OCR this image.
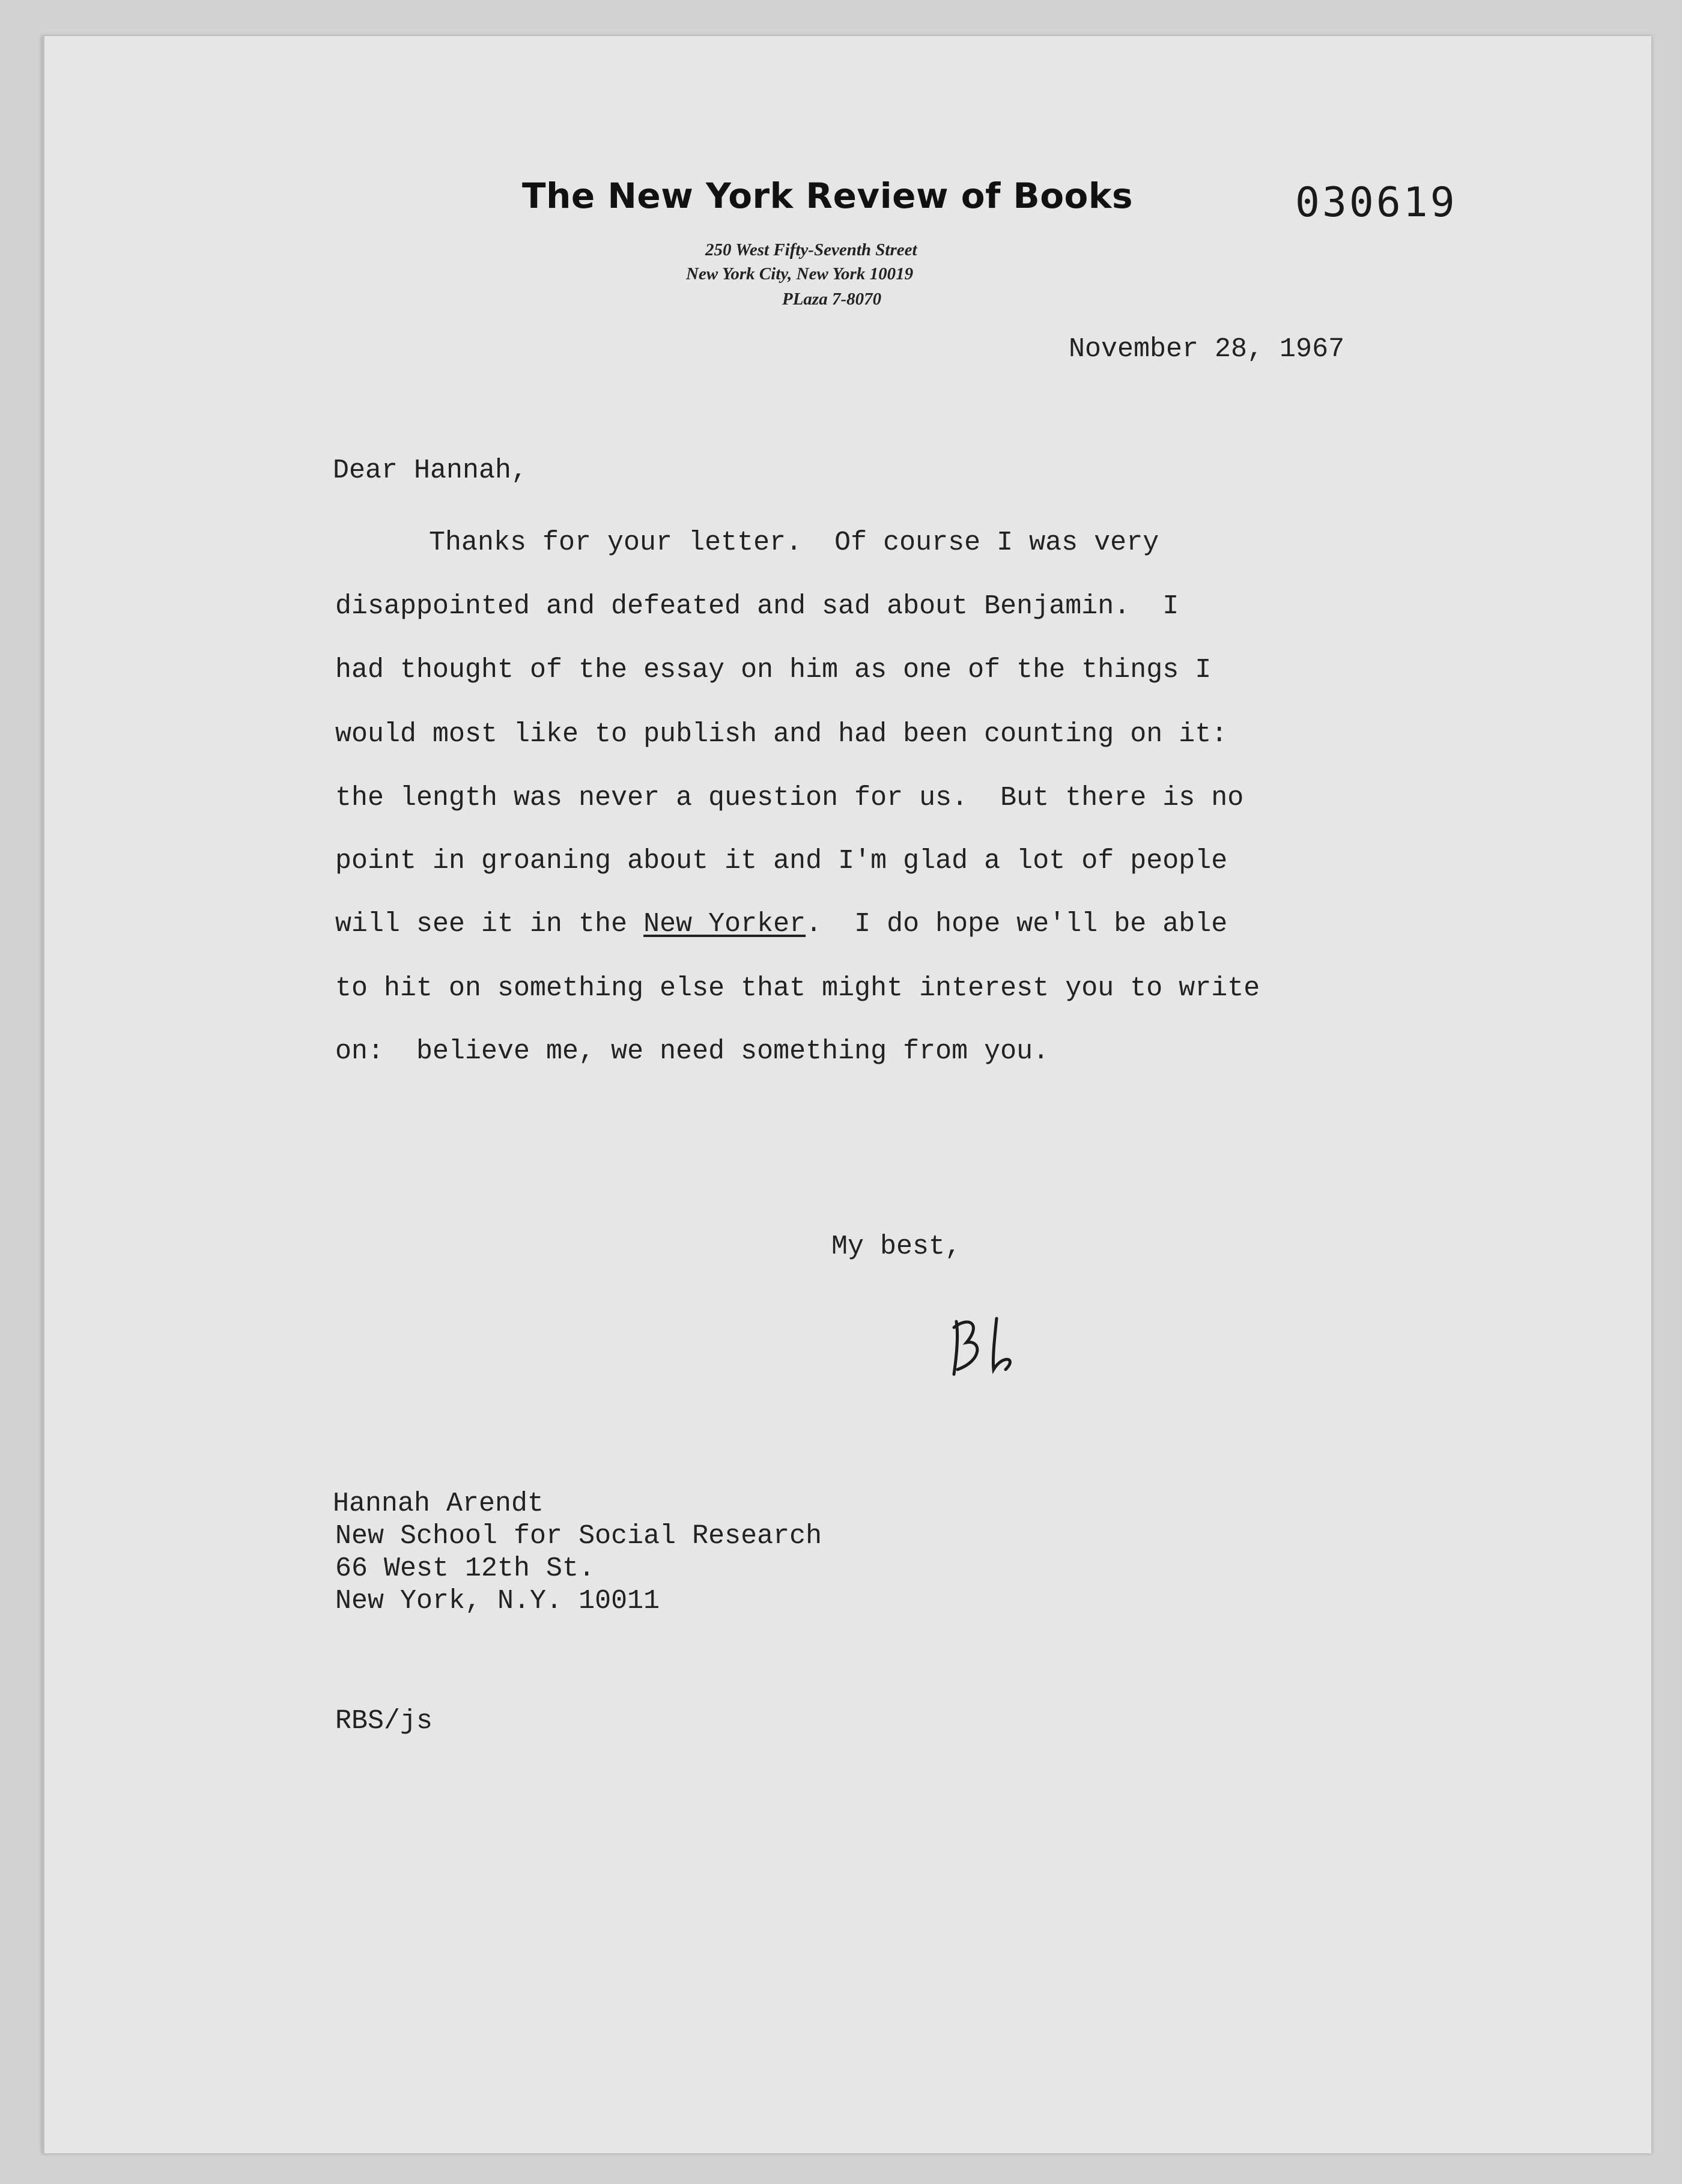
The New York Review of Books	030619
250 West Fifty-Seventh Street
New York City, New York 10019
PLaza 7-8070
November 28, 1967
Dear Hannah,
Thanks for your letter.  Of course I was very
disappointed and defeated and sad about Benjamin.  I
had thought of the essay on him as one of the things I
would most like to publish and had been counting on it:
the length was never a question for us.  But there is no
point in groaning about it and I'm glad a lot of people
will see it in the New Yorker.  I do hope we'll be able
to hit on something else that might interest you to write
on:  believe me, we need something from you.
My best,
Hannah Arendt
New School for Social Research
66 West 12th St.
New York, N.Y. 10011
RBS/js
